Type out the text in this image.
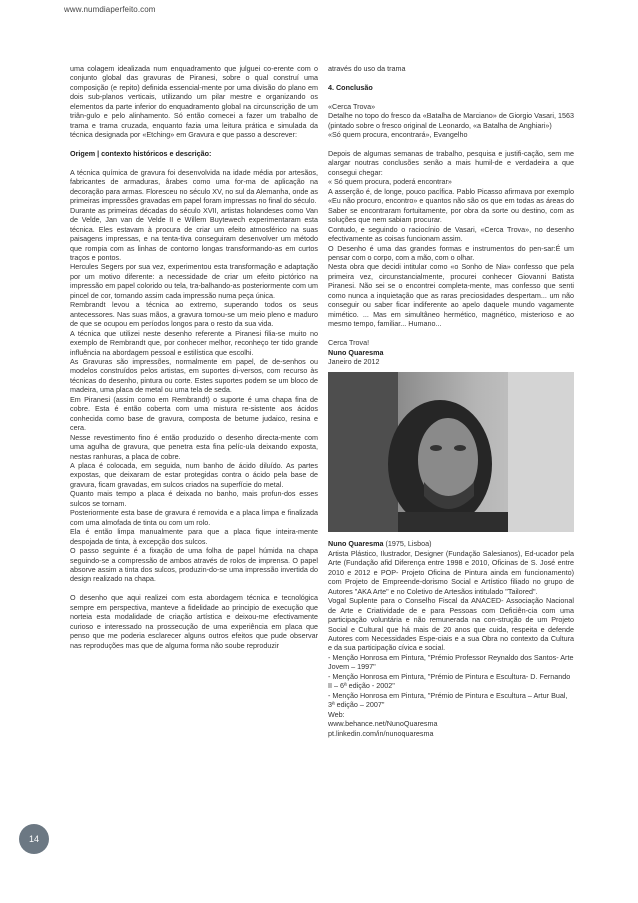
www.numdiaperfeito.com

uma colagem idealizada num enquadramento que julguei co-erente com o conjunto global das gravuras de Piranesi, sobre o qual construí uma composição (e repito) definida essencial-mente por uma divisão do plano em dois sub-planos verticais, utilizando um pilar mestre e organizando os elementos da parte inferior do enquadramento global na circunscrição de um triân-gulo e pelo alinhamento. Só então comecei a fazer um trabalho de trama e trama cruzada, enquanto fazia uma leitura prática e simulada da técnica designada por «Etching» em Gravura e que passo a descrever:

Origem | contexto históricos e descrição:

A técnica química de gravura foi desenvolvida na idade média por artesãos, fabricantes de armaduras, ârabes como uma for-ma de aplicação na decoração para armas. Floresceu no século XV, no sul da Alemanha, onde as primeiras impressões gravadas em papel foram impressas no final do século.

Durante as primeiras décadas do século XVII, artistas holandeses como Van de Velde, Jan van de Velde II e Willem Buytewech experimentaram esta técnica. Eles estavam à procura de criar um efeito atmosférico na suas paisagens impressas, e na tenta-tiva conseguiram desenvolver um método que rompia com as linhas de contorno longas transformando-as em curtos traços e pontos.

Hercules Segers por sua vez, experimentou esta transformação e adaptação por um motivo diferente: a necessidade de criar um efeito pictórico na impressão em papel colorido ou tela, tra-balhando-as posteriormente com um pincel de cor, tornando assim cada impressão numa peça única.

Rembrandt levou a técnica ao extremo, superando todos os seus antecessores. Nas suas mãos, a gravura tornou-se um meio pleno e maduro de que se ocupou em períodos longos para o resto da sua vida.

A técnica que utilizei neste desenho referente a Piranesi filia-se muito no exemplo de Rembrandt que, por conhecer melhor, reconheço ter tido grande influência na abordagem pessoal e estilística que escolhi.

As Gravuras são impressões, normalmente em papel, de de-senhos ou modelos construídos pelos artistas, em suportes di-versos, com recurso às técnicas do desenho, pintura ou corte. Estes suportes podem se um bloco de madeira, uma placa de metal ou uma tela de seda.

Em Piranesi (assim como em Rembrandt) o suporte é uma chapa fina de cobre. Esta é então coberta com uma mistura re-sistente aos ácidos conhecida como base de gravura, composta de betume judaico, resina e cera.

Nesse revestimento fino é então produzido o desenho directa-mente com uma agulha de gravura, que penetra esta fina pelíc-ula deixando exposta, nestas ranhuras, a placa de cobre.

A placa é colocada, em seguida, num banho de ácido diluído. As partes expostas, que deixaram de estar protegidas contra o ácido pela base de gravura, ficam gravadas, em sulcos criados na superfície do metal.

Quanto mais tempo a placa é deixada no banho, mais profun-dos esses sulcos se tornam.

Posteriormente esta base de gravura é removida e a placa limpa e finalizada com uma almofada de tinta ou com um rolo.

Ela é então limpa manualmente para que a placa fique inteira-mente despojada de tinta, à excepção dos sulcos.

O passo seguinte é a fixação de uma folha de papel húmida na chapa seguindo-se a compressão de ambos através de rolos de imprensa. O papel absorve assim a tinta dos sulcos, produzin-do-se uma impressão invertida do design realizado na chapa.

O desenho que aqui realizei com esta abordagem técnica e tecnológica sempre em perspectiva, manteve a fidelidade ao principio de execução que norteia esta modalidade de criação artística e deixou-me efectivamente curioso e interessado na prossecução de uma experiência em placa que penso que me poderia esclarecer alguns outros efeitos que pude observar nas reproduções mas que de alguma forma não soube reproduzir

através do uso da trama

4. Conclusão

«Cerca Trova»

Detalhe no topo do fresco da «Batalha de Marciano» de Giorgio Vasari, 1563 (pintado sobre o fresco original de Leonardo, «a Batalha de Anghiari»)

«Só quem procura, encontrará», Evangelho

Depois de algumas semanas de trabalho, pesquisa e justifi-cação, sem me alargar noutras conclusões senão a mais humil-de e verdadeira a que consegui chegar:

« Só quem procura, poderá encontrar»

A asserção é, de longe, pouco pacífica. Pablo Picasso afirmava por exemplo «Eu não procuro, encontro» e quantos não são os que em todas as áreas do Saber se encontraram fortuitamente, por obra da sorte ou destino, com as soluções que nem sabiam procurar.

Contudo, e seguindo o raciocínio de Vasari, «Cerca Trova», no desenho efectivamente as coisas funcionam assim.

O Desenho é uma das grandes formas e instrumentos do pen-sar:É um pensar com o corpo, com a mão, com o olhar.

Nesta obra que decidi intitular como «o Sonho de Nia» confesso que pela primeira vez, circunstancialmente, procurei conhecer Giovanni Batista Piranesi. Não sei se o encontrei completa-mente, mas confesso que senti como nunca a inquietação que as raras preciosidades despertam... um não conseguir ou saber ficar indiferente ao apelo daquele mundo vagamente mimético. ... Mas em simultâneo hermético, magnético, misterioso e ao mesmo tempo, familiar... Humano...

Cerca Trova!

Nuno Quaresma

Janeiro de 2012

Nuno Quaresma (1975, Lisboa)

Artista Plástico, Ilustrador, Designer (Fundação Salesianos), Ed-ucador pela Arte (Fundação afid Diferença entre 1998 e 2010, Oficinas de S. José entre 2010 e 2012 e POP- Projeto Oficina de Pintura ainda em funcionamento) com Projeto de Empreende-dorismo Social e Artístico filiado no grupo de Autores "AKA Arte" e no Coletivo de Artesãos intitulado "Tailored".

Vogal Suplente para o Conselho Fiscal da ANACED- Associação Nacional de Arte e Criatividade de e para Pessoas com Deficiên-cia com uma participação voluntária e não remunerada na con-strução de um Projeto Social e Cultural que há mais de 20 anos que cuida, respeita e defende Autores com Necessidades Espe-ciais e a sua Obra no contexto da Cultura e da sua participação cívica e social.

- Menção Honrosa em Pintura, "Prémio Professor Reynaldo dos Santos- Arte Jovem – 1997"

- Menção Honrosa em Pintura, "Prémio de Pintura e Escultura- D. Fernando II – 6ª edição - 2002"

- Menção Honrosa em Pintura, "Prémio de Pintura e Escultura – Artur Bual, 3ª edição – 2007"

Web:

www.behance.net/NunoQuaresma

pt.linkedin.com/in/nunoquaresma

14
